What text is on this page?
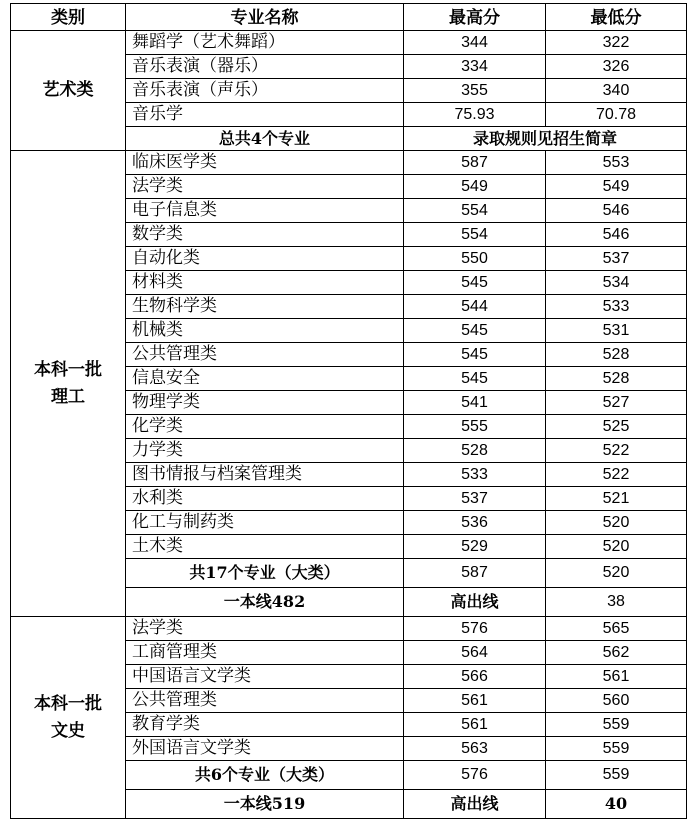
类别	专业名称	最高分	最低分
艺术类	舞蹈学（艺术舞蹈）	344	322
	音乐表演（器乐）	334	326
	音乐表演（声乐）	355	340
	音乐学	75.93	70.78
	总共4个专业	录取规则见招生简章	

本科一批
理工	临床医学类	587	553
	法学类	549	549
	电子信息类	554	546
	数学类	554	546
	自动化类	550	537
	材料类	545	534
	生物科学类	544	533
	机械类	545	531
	公共管理类	545	528
	信息安全	545	528
	物理学类	541	527
	化学类	555	525
	力学类	528	522
	图书情报与档案管理类	533	522
	水利类	537	521
	化工与制药类	536	520
	土木类	529	520
	共17个专业（大类）	587	520
	一本线482	高出线	38

本科一批
文史	法学类	576	565
	工商管理类	564	562
	中国语言文学类	566	561
	公共管理类	561	560
	教育学类	561	559
	外国语言文学类	563	559
	共6个专业（大类）	576	559
	一本线519	高出线	40
